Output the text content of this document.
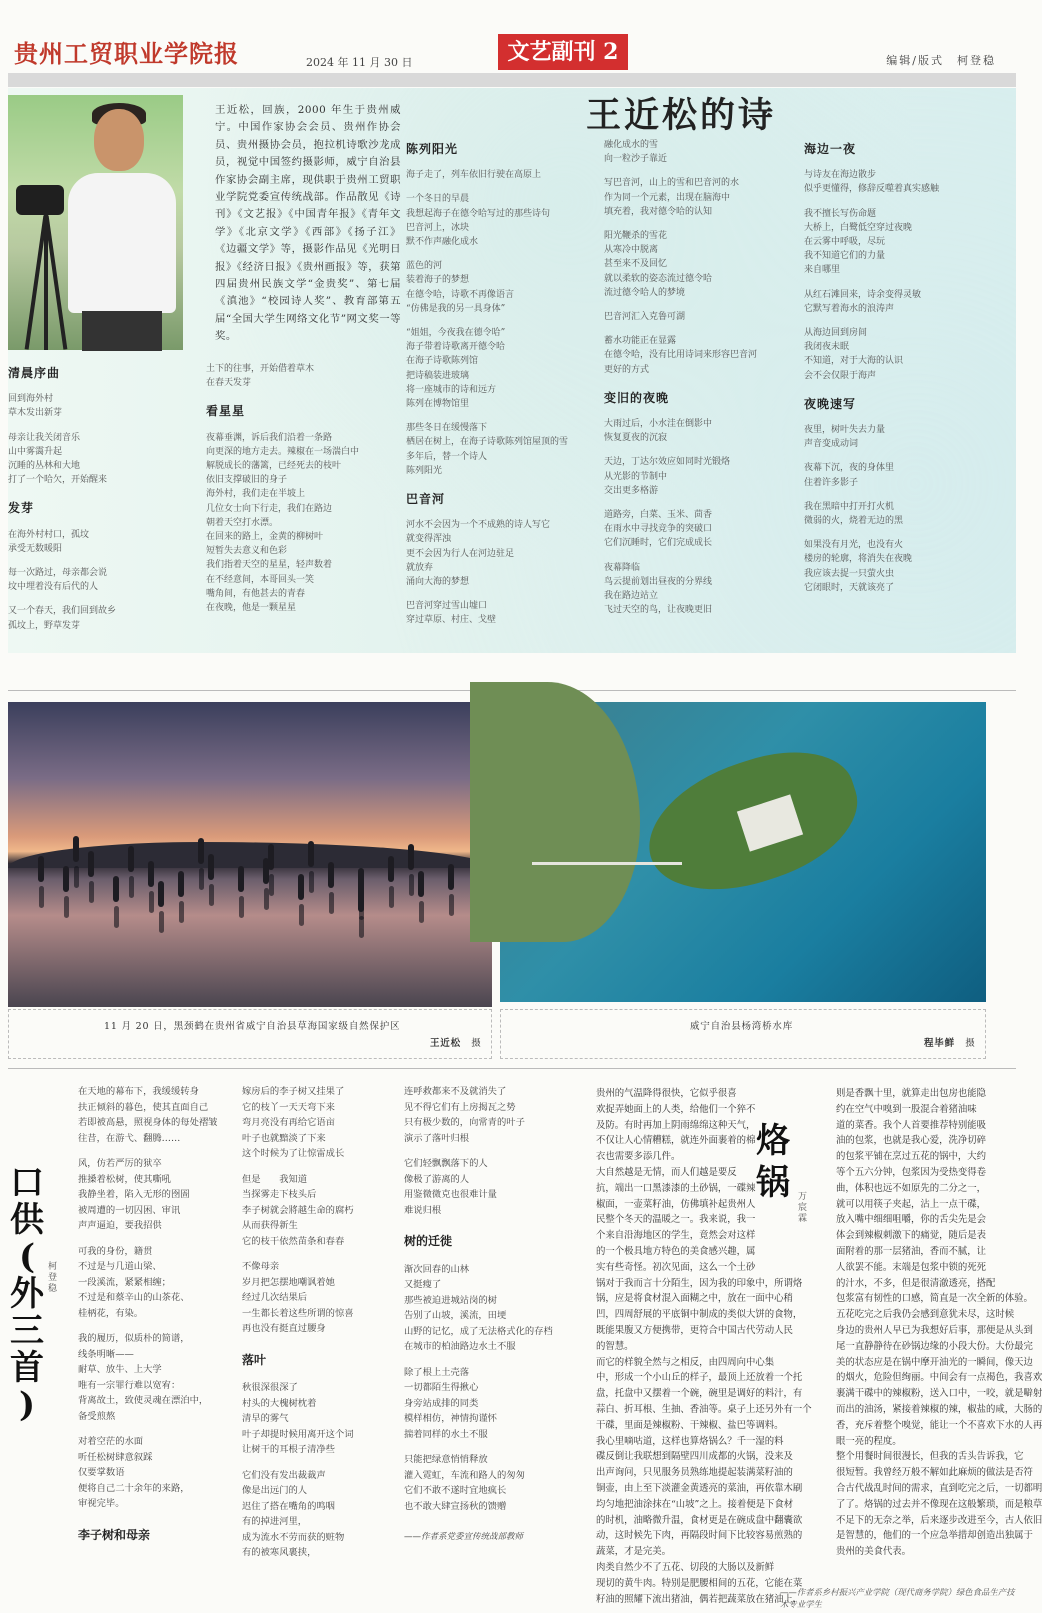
贵州工贸职业学院报	2024 年 11 月 30 日	文艺副刊 2	编辑/版式　柯登稳
王近松，回族，2000 年生于贵州威宁。中国作家协会会员、贵州作协会员、贵州摄协会员，抱拉机诗歌沙龙成员，视觉中国签约摄影师，威宁自治县作家协会副主席，现供职于贵州工贸职业学院党委宣传统战部。作品散见《诗刊》《文艺报》《中国青年报》《青年文学》《北京文学》《西部》《扬子江》《边疆文学》等，摄影作品见《光明日报》《经济日报》《贵州画报》等，获第四届贵州民族文学“金贵奖”、第七届《滇池》“校园诗人奖”、教育部第五届“全国大学生网络文化节”网文奖一等奖。
王近松的诗
清晨序曲
回到海外村
草木发出新芽
母亲让我关闭音乐
山中雾霭升起
沉睡的丛林和大地
打了一个哈欠，开始醒来
发芽
在海外村村口，孤坟
承受无数暖阳
每一次路过，母亲都会说
坟中埋着没有后代的人
又一个春天，我们回到故乡
孤坟上，野草发芽
土下的往事，开始借着草木
在春天发芽
看星星
夜幕垂渊，诉后我们沿着一条路
向更深的地方走去。辣椒在一场湍白中
解脱成长的藩篱，已经死去的枝叶
依旧支撑破旧的身子
海外村，我们走在半坡上
几位女士向下行走，我们在路边
朝着天空打水漂。
在回来的路上，金黄的柳树叶
短暂失去意义和色彩
我们指着天空的星星，轻声数着
在不经意间，本哥回头一笑
嘴角间，有他甚去的青春
在夜晚，他是一颗星星
陈列阳光
海子走了，列车依旧行驶在高原上
一个冬日的早晨
我想起海子在德令哈写过的那些诗句
巴音河上，冰块
默不作声融化成水
蓝色的河
装着海子的梦想
在德令哈，诗歌不再像语言
“仿佛是我的另一具身体”
“姐姐，今夜我在德令哈”
海子带着诗歌离开德令哈
在海子诗歌陈列馆
把诗稿装进玻璃
将一座城市的诗和远方
陈列在博物馆里
那些冬日在缓慢落下
栖居在树上，在海子诗歌陈列馆屋顶的雪
多年后，替一个诗人
陈列阳光
巴音河
河水不会因为一个不成熟的诗人写它
就变得浑浊
更不会因为行人在河边驻足
就放弃
涌向大海的梦想
巴音河穿过雪山墟口
穿过草原、村庄、戈壁
融化成水的雪
向一粒沙子靠近
写巴音河，山上的雪和巴音河的水
作为同一个元素，出现在脑海中
填充着，我对德令哈的认知
阳光鞭杀的雪花
从寒冷中脱离
甚至来不及回忆
就以柔软的姿态流过德令哈
流过德令哈人的梦境
巴音河汇入克鲁可湖
蓄水功能正在显露
在德令哈，没有比用诗词来形容巴音河
更好的方式
变旧的夜晚
大雨过后，小水洼在倒影中
恢复夏夜的沉寂
天边，丁达尔效应如同时光锻烙
从光影的节制中
交出更多格游
道路旁，白菜、玉米、茴香
在雨水中寻找竞争的突破口
它们沉睡时，它们完成成长
夜幕降临
鸟云提前划出昼夜的分界线
我在路边站立
飞过天空的鸟，让夜晚更旧
海边一夜
与诗友在海边散步
似乎更懂得，修辞反噬着真实感触
我不擅长写伤命题
大桥上，白鹭低空穿过夜晚
在云雾中呼吸，尽玩
我不知道它们的力量
来自哪里
从红石滩回来，诗余变得灵敏
它默写着海水的浪涛声
从海边回到房间
我闭夜未眠
不知道，对于大海的认识
会不会仅限于海声
夜晚速写
夜里，树叶失去力量
声音变成动词
夜幕下沉，夜的身体里
住着许多影子
我在黑暗中打开打火机
微弱的火，烧着无边的黑
如果没有月光，也没有火
楼房的轮廓，将消失在夜晚
我应该去捉一只萤火虫
它闭眼时，天就该亮了
11 月 20 日，黑颈鹤在贵州省威宁自治县草海国家级自然保护区
王近松　 摄
威宁自治县杨湾桥水库
程毕鲜　 摄
口
供
(
外
三
首
)
柯
登
稳
在天地的幕布下，我缓缓转身
扶正倾斜的暮色，使其直面自己
若即被高悬，照视身体的每处褶皱
往昔，在游弋、翻腾……
风，仿若严厉的狱卒
推搡着松树，使其嘶吼
我静坐着，陷入无形的囹圄
被周遭的一切囚困、审讯
声声逼迫，要我招供
可我的身份，籍贯
不过是与几道山梁、
一段溪流，紧紧相缠；
不过是和蔡辛山的山茶花、
桂柄花，有染。
我的履历，似质朴的简谱，
线条明晰——
耐草、放牛、上大学
唯有一宗罪行难以宽宥：
背离故土，致使灵魂在漂泊中，
备受煎熬
对着空茫的水面
听任松树肆意叙踩
仅要掌数语
便将自己二十余年的来路，
审视完毕。
李子树和母亲
嫁房后的李子树又挂果了
它的枝丫一天天弯下来
弯月亮没有再给它语亩
叶子也就黯淡了下来
这个时候为了让惊雷成长
但是　　我知道
当探雾走下枝头后
李子树就会將越生命的腐朽
从而获得新生
它的枝干依然苗条和春春
不像母亲
岁月把怎摆地嘲讽着她
经过几次结果后
一生都长着这些所谓的惊喜
再也没有挺直过腰身
落叶
秋很深很深了
村头的大槐树枕着
清早的雾气
叶子却提时候用离开这个词
让树干的耳根子清净些
它们没有发出裁裁声
像是出远门的人
迟住了搭在嘴角的鸣咽
有的掉进河里，
成为流水不劳而获的赃物
有的被寒风裹挟，
连呼救都来不及就消失了
见不得它们有上房揭瓦之势
只有极少数的，向常青的叶子
演示了落叶归根
它们轻飘飘落下的人
像极了游离的人
用鉴微微克也很难计量
难说归根
树的迁徙
渐次回春的山林
又挺瘦了
那些被迫进城站岗的树
告别了山坡，溪流，田埂
山野的记忆，成了无法格式化的存档
在城市的柏油路边水土不服
除了根上土壳落
一切都陌生得揪心
身旁站成排的同类
模样相仿，神情拘谨怀
揣着同样的水土不服
只能把绿意悄悄释放
灌入霓虹，车流和路人的匆匆
它们不敢不遂时宜地疯长
也不敢大肆宣扬秋的馈赠
——作者系党委宣传统战部教师
贵州的气温降得很快，它似乎很喜
欢捉弄她面上的人类，给他们一个猝不
及防。有时再加上阴雨绵绵这种天气，
不仅让人心情糟糕，就连外面裹着的棉
衣也需要多添几件。
大自然越是无情，而人们越是要反
抗，端出一口黑漆漆的土砂锅，一碟辣
椒面，一壶菜籽油，仿佛填补起贵州人
民整个冬天的温暖之一。我来说，我一
个来自沿海地区的学生，竟然会对这样
的一个极具地方特色的美食感兴趣，属
实有些奇怪。初次见面，这么一个土砂
锅对于我而言十分陌生，因为我的印象中，所谓烙
锅，应是将食材混入面糊之中，放在一面中心稍
凹，四周舒展的平底铜中制成的类似大饼的食物，
既能果腹又方便携带，更符合中国古代劳动人民
的智慧。
而它的样貌全然与之相反，由四周向中心集
中，形成一个小山丘的样子，最顶上还放着一个托
盘，托盘中又摆着一个碗，碗里是调好的料汁，有
蒜白、折耳根、生抽、香油等。桌子上还另外有一个
干碟，里面是辣椒粉、干辣椒、盐巴等调料。
我心里嘀咕道，这样也算烙锅么？千一湿的料
碟反倒让我联想到隔壁四川成都的火锅，没来及
出声询问，只见服务员熟练地提起装满菜籽油的
铜壶，由上至下淡灌金黄透亮的菜油，再依靠木刷
均匀地把油涂抹在“山坡”之上。接着便是下食材
的时机，油略微升温，食材更是在碗成盘中翻囊欲
动，这时候先下肉，再隔段时间下比较容易煎熟的
蔬菜，才是完美。
肉类自然少不了五花、切段的大肠以及新鲜
现切的黄牛肉。特别是肥腰相间的五花，它能在菜
籽油的照耀下流出猪油，偶若把蔬菜放在猪油上，
烙
锅 万
宸
霖
则是香飘十里，就算走出包房也能隐
约在空气中嗅到一股混合着猪油味
道的菜香。我个人首要推荐特别能吸
油的包浆，也就是我心爱，洗净切碎
的包浆平铺在烹过五花的锅中，大约
等个五六分钟，包浆因为受热变得卷
曲，体积也远不如原先的二分之一，
就可以用筷子夹起，沾上一点干碟，
放入嘴中细细咀嚼，你的舌尖先是会
体会到辣椒刺激下的痛觉，随后是表
面附着的那一层猪油，香而不腻，让
人欲罢不能。末端是包浆中锁的死死
的汁水，不多，但是很清澈透亮，搭配
包浆富有韧性的口感，简直是一次全新的体验。
五花吃完之后我仍会感到意犹未尽，这时候
身边的贵州人早已为我想好后事，那便是从头到
尾一直静静待在砂锅边缘的小段大份。大份最完
美的状态应是在锅中摩开油光的一瞬间，像天边
的烟火，危险但绚丽。中间会有一点褐色，我喜欢
裹满干碟中的辣椒粉，送入口中，一咬，就是噼射
而出的油汤，紧接着辣椒的辣，椒盐的咸，大肠的
香，充斥着整个嗅觉，能让一个不喜欢下水的人再
眼一亮的程度。
整个用餐时间很漫长，但我的舌头告诉我，它
很短暂。我曾经万般不解如此麻烦的做法是否符
合古代战乱时间的需求，直到吃完之后，一切都明
了了。烙锅的过去并不像现在这般繁琐，而是粮草
不足下的无奈之举，后来逐步改进至今，古人依旧
是智慧的，他们的一个应急举措却创造出独属于
贵州的美食代表。
——作者系乡村振兴产业学院（现代商务学院）绿色食品生产技术专业学生
